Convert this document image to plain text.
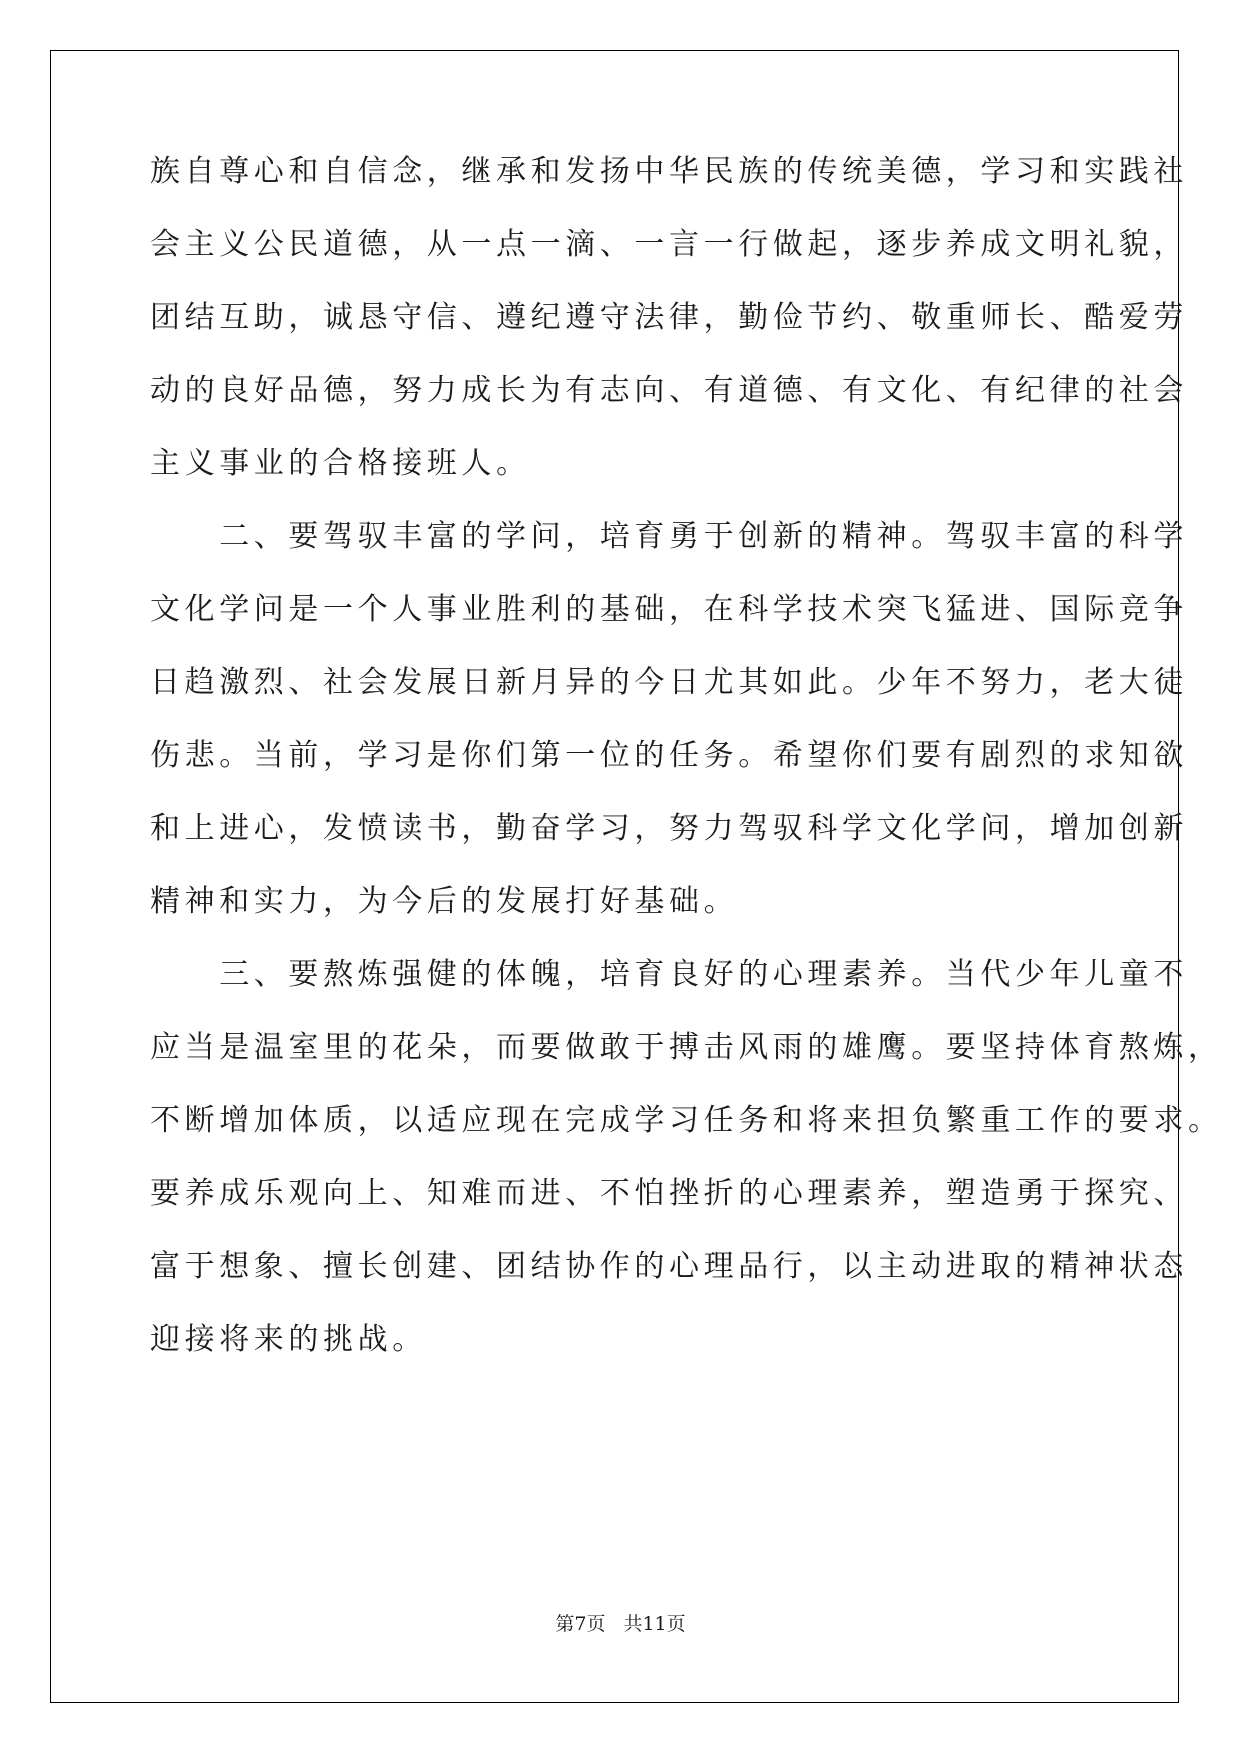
族自尊心和自信念，继承和发扬中华民族的传统美德，学习和实践社
会主义公民道德，从一点一滴、一言一行做起，逐步养成文明礼貌，
团结互助，诚恳守信、遵纪遵守法律，勤俭节约、敬重师长、酷爱劳
动的良好品德，努力成长为有志向、有道德、有文化、有纪律的社会
主义事业的合格接班人。
　　二、要驾驭丰富的学问，培育勇于创新的精神。驾驭丰富的科学
文化学问是一个人事业胜利的基础，在科学技术突飞猛进、国际竞争
日趋激烈、社会发展日新月异的今日尤其如此。少年不努力，老大徒
伤悲。当前，学习是你们第一位的任务。希望你们要有剧烈的求知欲
和上进心，发愤读书，勤奋学习，努力驾驭科学文化学问，增加创新
精神和实力，为今后的发展打好基础。
　　三、要熬炼强健的体魄，培育良好的心理素养。当代少年儿童不
应当是温室里的花朵，而要做敢于搏击风雨的雄鹰。要坚持体育熬炼，
不断增加体质，以适应现在完成学习任务和将来担负繁重工作的要求。
要养成乐观向上、知难而进、不怕挫折的心理素养，塑造勇于探究、
富于想象、擅长创建、团结协作的心理品行，以主动进取的精神状态
迎接将来的挑战。
第7页 共11页
